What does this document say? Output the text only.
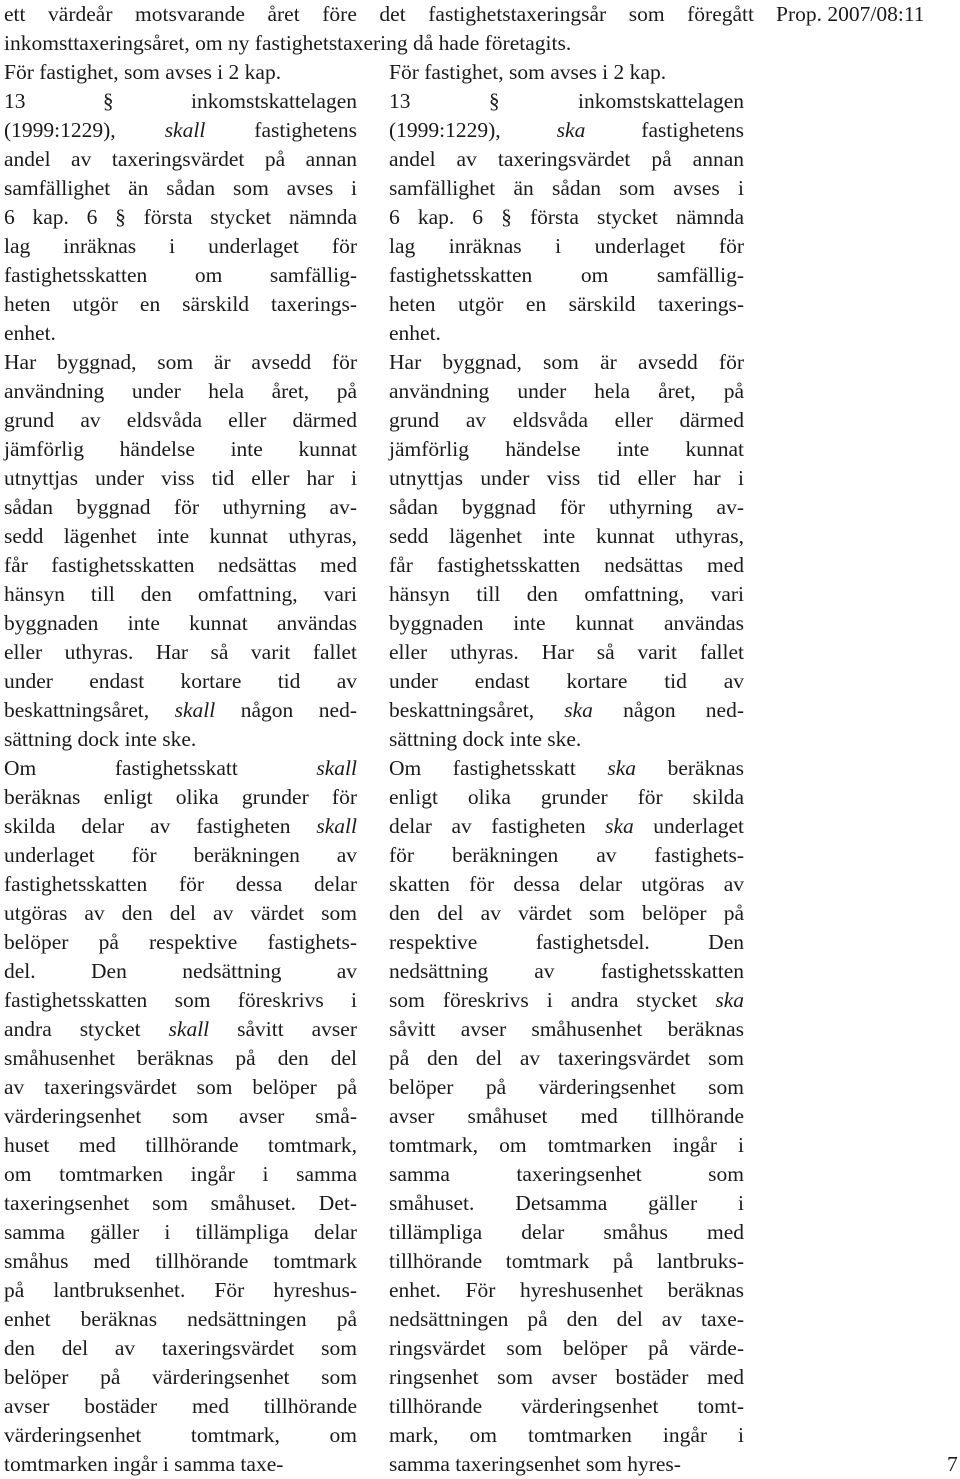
Prop. 2007/08:11
ett värdeår motsvarande året före det fastighetstaxeringsår som föregått
inkomsttaxeringsåret, om ny fastighetstaxering då hade företagits.
För fastighet, som avses i 2 kap.
13 § inkomstskattelagen
(1999:1229), skall fastighetens
andel av taxeringsvärdet på annan
samfällighet än sådan som avses i
6 kap. 6 § första stycket nämnda
lag inräknas i underlaget för
fastighetsskatten om samfällig-
heten utgör en särskild taxerings-
enhet.
Har byggnad, som är avsedd för
användning under hela året, på
grund av eldsvåda eller därmed
jämförlig händelse inte kunnat
utnyttjas under viss tid eller har i
sådan byggnad för uthyrning av-
sedd lägenhet inte kunnat uthyras,
får fastighetsskatten nedsättas med
hänsyn till den omfattning, vari
byggnaden inte kunnat användas
eller uthyras. Har så varit fallet
under endast kortare tid av
beskattningsåret, skall någon ned-
sättning dock inte ske.
Om fastighetsskatt skall
beräknas enligt olika grunder för
skilda delar av fastigheten skall
underlaget för beräkningen av
fastighetsskatten för dessa delar
utgöras av den del av värdet som
belöper på respektive fastighets-
del. Den nedsättning av
fastighetsskatten som föreskrivs i
andra stycket skall såvitt avser
småhusenhet beräknas på den del
av taxeringsvärdet som belöper på
värderingsenhet som avser små-
huset med tillhörande tomtmark,
om tomtmarken ingår i samma
taxeringsenhet som småhuset. Det-
samma gäller i tillämpliga delar
småhus med tillhörande tomtmark
på lantbruksenhet. För hyreshus-
enhet beräknas nedsättningen på
den del av taxeringsvärdet som
belöper på värderingsenhet som
avser bostäder med tillhörande
värderingsenhet tomtmark, om
tomtmarken ingår i samma taxe-
För fastighet, som avses i 2 kap.
13 § inkomstskattelagen
(1999:1229), ska fastighetens
andel av taxeringsvärdet på annan
samfällighet än sådan som avses i
6 kap. 6 § första stycket nämnda
lag inräknas i underlaget för
fastighetsskatten om samfällig-
heten utgör en särskild taxerings-
enhet.
Har byggnad, som är avsedd för
användning under hela året, på
grund av eldsvåda eller därmed
jämförlig händelse inte kunnat
utnyttjas under viss tid eller har i
sådan byggnad för uthyrning av-
sedd lägenhet inte kunnat uthyras,
får fastighetsskatten nedsättas med
hänsyn till den omfattning, vari
byggnaden inte kunnat användas
eller uthyras. Har så varit fallet
under endast kortare tid av
beskattningsåret, ska någon ned-
sättning dock inte ske.
Om fastighetsskatt ska beräknas
enligt olika grunder för skilda
delar av fastigheten ska underlaget
för beräkningen av fastighets-
skatten för dessa delar utgöras av
den del av värdet som belöper på
respektive fastighetsdel. Den
nedsättning av fastighetsskatten
som föreskrivs i andra stycket ska
såvitt avser småhusenhet beräknas
på den del av taxeringsvärdet som
belöper på värderingsenhet som
avser småhuset med tillhörande
tomtmark, om tomtmarken ingår i
samma taxeringsenhet som
småhuset. Detsamma gäller i
tillämpliga delar småhus med
tillhörande tomtmark på lantbruks-
enhet. För hyreshusenhet beräknas
nedsättningen på den del av taxe-
ringsvärdet som belöper på värde-
ringsenhet som avser bostäder med
tillhörande värderingsenhet tomt-
mark, om tomtmarken ingår i
samma taxeringsenhet som hyres-	7
